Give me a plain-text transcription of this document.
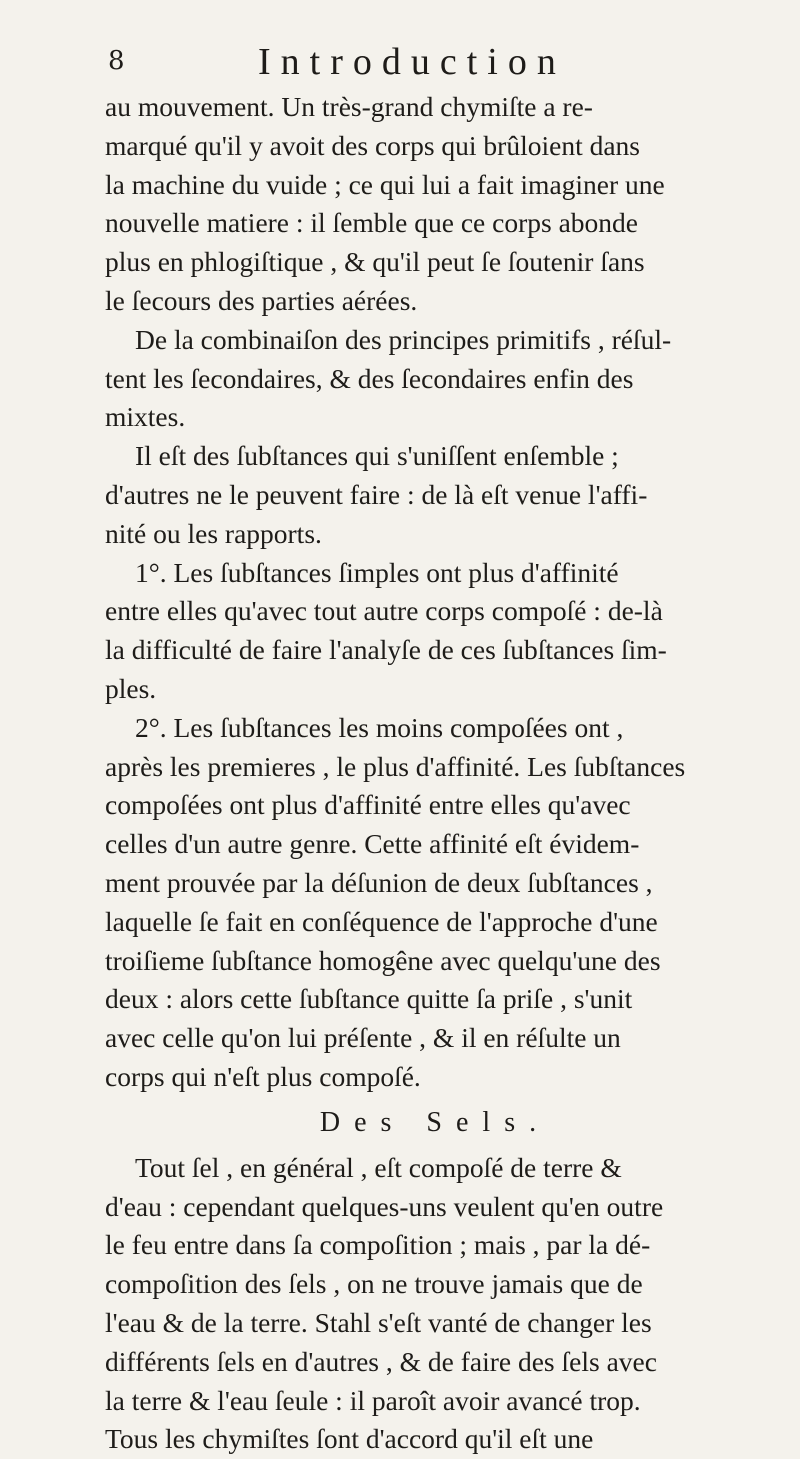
8	Introduction
au mouvement. Un très-grand chymiſte a re-
marqué qu'il y avoit des corps qui brûloient dans
la machine du vuide ; ce qui lui a fait imaginer une
nouvelle matiere : il ſemble que ce corps abonde
plus en phlogiſtique , & qu'il peut ſe ſoutenir ſans
le ſecours des parties aérées.
De la combinaiſon des principes primitifs , réſul-
tent les ſecondaires, & des ſecondaires enfin des
mixtes.
Il eſt des ſubſtances qui s'uniſſent enſemble ;
d'autres ne le peuvent faire : de là eſt venue l'affi-
nité ou les rapports.
1°. Les ſubſtances ſimples ont plus d'affinité
entre elles qu'avec tout autre corps compoſé : de-là
la difficulté de faire l'analyſe de ces ſubſtances ſim-
ples.
2°. Les ſubſtances les moins compoſées ont ,
après les premieres , le plus d'affinité. Les ſubſtances
compoſées ont plus d'affinité entre elles qu'avec
celles d'un autre genre. Cette affinité eſt évidem-
ment prouvée par la déſunion de deux ſubſtances ,
laquelle ſe fait en conſéquence de l'approche d'une
troiſieme ſubſtance homogêne avec quelqu'une des
deux : alors cette ſubſtance quitte ſa priſe , s'unit
avec celle qu'on lui préſente , & il en réſulte un
corps qui n'eſt plus compoſé.
Des Sels.
Tout ſel , en général , eſt compoſé de terre &
d'eau : cependant quelques-uns veulent qu'en outre
le feu entre dans ſa compoſition ; mais , par la dé-
compoſition des ſels , on ne trouve jamais que de
l'eau & de la terre. Stahl s'eſt vanté de changer les
différents ſels en d'autres , & de faire des ſels avec
la terre & l'eau ſeule : il paroît avoir avancé trop.
Tous les chymiſtes ſont d'accord qu'il eſt une
